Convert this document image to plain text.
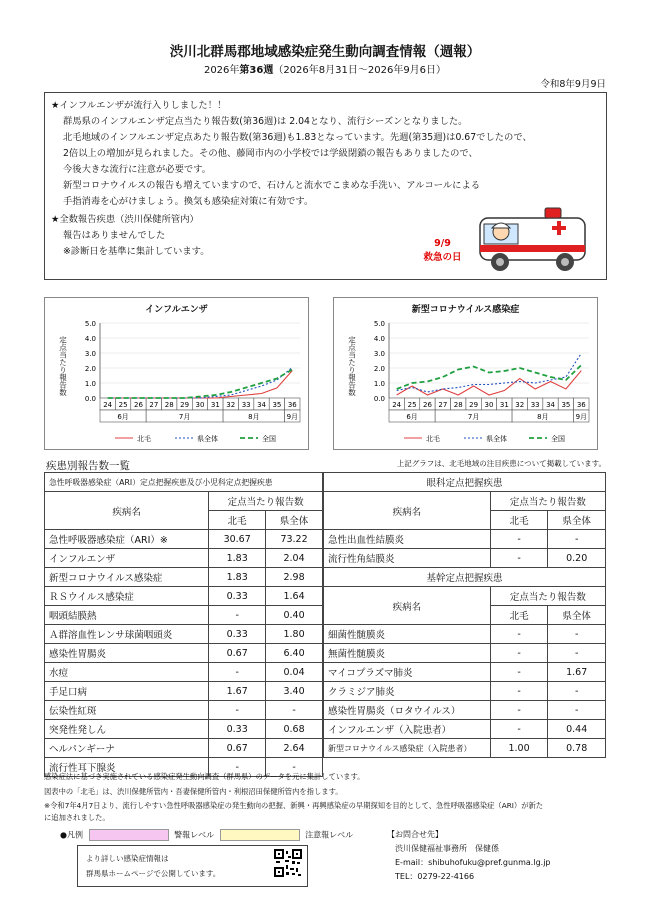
渋川北群馬郡地域感染症発生動向調査情報（週報）
2026年第36週（2026年8月31日～2026年9月6日）
令和8年9月9日
★インフルエンザが流行入りしました！！
群馬県のインフルエンザ定点当たり報告数(第36週)は 2.04となり、流行シーズンとなりました。
北毛地域のインフルエンザ定点あたり報告数(第36週)も1.83となっています。先週(第35週)は0.67でしたので、
2倍以上の増加が見られました。その他、藤岡市内の小学校では学級閉鎖の報告もありましたので、
今後大きな流行に注意が必要です。
新型コロナウイルスの報告も増えていますので、石けんと流水でこまめな手洗い、アルコールによる
手指消毒を心がけましょう。換気も感染症対策に有効です。
★全数報告疾患（渋川保健所管内）
報告はありませんでした
※診断日を基準に集計しています。
9/9
救急の日
インフルエンザ
0.0
1.0
2.0
3.0
4.0
5.0
定点当たり報告数
24 25 26 27 28 29 30 31 32 33 34 35 36
6月	7月	8月	9月
北毛	県全体	全国
新型コロナウイルス感染症
0.0
1.0
2.0
3.0
4.0
5.0
定点当たり報告数
24 25 26 27 28 29 30 31 32 33 34 35 36
6月	7月	8月	9月
北毛	県全体	全国
疾患別報告数一覧	上記グラフは、北毛地域の注目疾患について掲載しています。
急性呼吸器感染症（ARI）定点把握疾患及び小児科定点把握疾患		
疾病名	定点当たり報告数	
	北毛	県全体
急性呼吸器感染症（ARI）※	30.67	73.22
インフルエンザ	1.83	2.04
新型コロナウイルス感染症	1.83	2.98
ＲＳウイルス感染症	0.33	1.64
咽頭結膜熱	-	0.40
Ａ群溶血性レンサ球菌咽頭炎	0.33	1.80
感染性胃腸炎	0.67	6.40
水痘	-	0.04
手足口病	1.67	3.40
伝染性紅斑	-	-
突発性発しん	0.33	0.68
ヘルパンギーナ	0.67	2.64
流行性耳下腺炎	-	-
眼科定点把握疾患		
疾病名	定点当たり報告数	
	北毛	県全体
急性出血性結膜炎	-	-
流行性角結膜炎	-	0.20
基幹定点把握疾患		
疾病名	定点当たり報告数	
	北毛	県全体
細菌性髄膜炎	-	-
無菌性髄膜炎	-	-
マイコプラズマ肺炎	-	1.67
クラミジア肺炎	-	-
感染性胃腸炎（ロタウイルス）	-	-
インフルエンザ（入院患者）	-	0.44
新型コロナウイルス感染症（入院患者）	1.00	0.78
感染症法に基づき実施されている感染症発生動向調査（群馬県）のデータを元に集計しています。
図表中の「北毛」は、渋川保健所管内・吾妻保健所管内・利根沼田保健所管内を指します。
※令和7年4月7日より、流行しやすい急性呼吸器感染症の発生動向の把握、新興・再興感染症の早期探知を目的として、急性呼吸器感染症（ARI）が新た
に追加されました。
●凡例	警報レベル	注意報レベル
より詳しい感染症情報は
群馬県ホームページで公開しています。
【お問合せ先】
渋川保健福祉事務所　保健係
E-mail：shibuhofuku@pref.gunma.lg.jp
TEL：0279-22-4166
